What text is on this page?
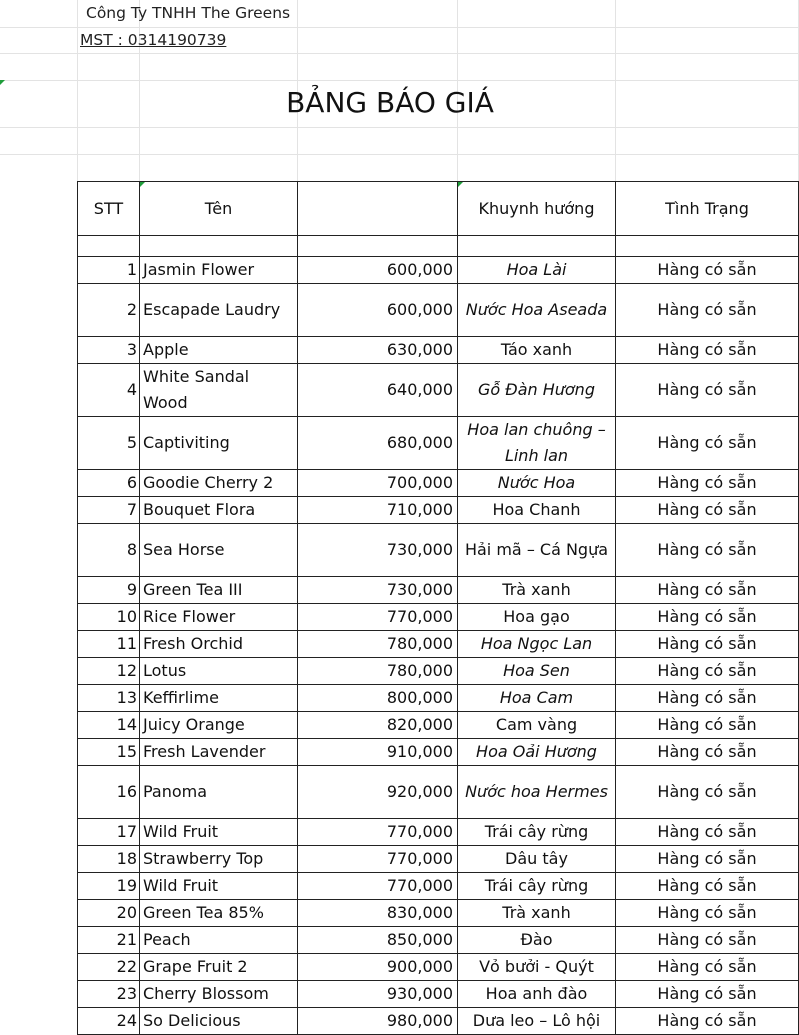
Công Ty TNHH The Greens
MST : 0314190739
BẢNG BÁO GIÁ
STT	Tên		Khuynh hướng	Tình Trạng

1	Jasmin Flower	600,000	Hoa Lài	Hàng có sẵn
2	Escapade Laudry	600,000	Nước Hoa Aseada	Hàng có sẵn
3	Apple	630,000	Táo xanh	Hàng có sẵn
4	White Sandal Wood	640,000	Gỗ Đàn Hương	Hàng có sẵn
5	Captiviting	680,000	Hoa lan chuông – Linh lan	Hàng có sẵn
6	Goodie Cherry 2	700,000	Nước Hoa	Hàng có sẵn
7	Bouquet Flora	710,000	Hoa Chanh	Hàng có sẵn
8	Sea Horse	730,000	Hải mã – Cá Ngựa	Hàng có sẵn
9	Green Tea III	730,000	Trà xanh	Hàng có sẵn
10	Rice Flower	770,000	Hoa gạo	Hàng có sẵn
11	Fresh Orchid	780,000	Hoa Ngọc Lan	Hàng có sẵn
12	Lotus	780,000	Hoa Sen	Hàng có sẵn
13	Keffirlime	800,000	Hoa Cam	Hàng có sẵn
14	Juicy Orange	820,000	Cam vàng	Hàng có sẵn
15	Fresh Lavender	910,000	Hoa Oải Hương	Hàng có sẵn
16	Panoma	920,000	Nước hoa Hermes	Hàng có sẵn
17	Wild Fruit	770,000	Trái cây rừng	Hàng có sẵn
18	Strawberry Top	770,000	Dâu tây	Hàng có sẵn
19	Wild Fruit	770,000	Trái cây rừng	Hàng có sẵn
20	Green Tea 85%	830,000	Trà xanh	Hàng có sẵn
21	Peach	850,000	Đào	Hàng có sẵn
22	Grape Fruit 2	900,000	Vỏ bưởi - Quýt	Hàng có sẵn
23	Cherry Blossom	930,000	Hoa anh đào	Hàng có sẵn
24	So Delicious	980,000	Dưa leo – Lô hội	Hàng có sẵn
